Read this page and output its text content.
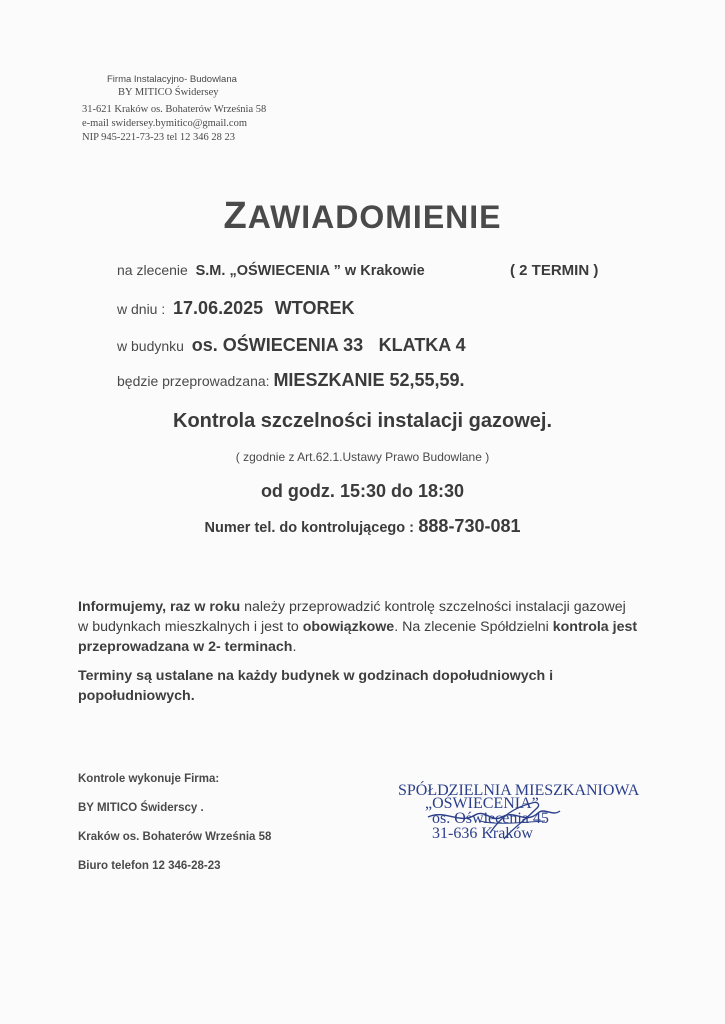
Firma Instalacyjno- Budowlana
BY MITICO Świdersey
31-621 Kraków os. Bohaterów Września 58
e-mail swidersey.bymitico@gmail.com
NIP 945-221-73-23 tel 12 346 28 23
ZAWIADOMIENIE
na zlecenie S.M. „OŚWIECENIA ” w Krakowie	( 2 TERMIN )
w dniu : 17.06.2025 WTOREK
w budynku os. OŚWIECENIA 33 KLATKA 4
będzie przeprowadzana: MIESZKANIE 52,55,59.
Kontrola szczelności instalacji gazowej.
( zgodnie z Art.62.1.Ustawy Prawo Budowlane )
od godz. 15:30 do 18:30
Numer tel. do kontrolującego : 888-730-081
Informujemy, raz w roku należy przeprowadzić kontrolę szczelności instalacji gazowej w budynkach mieszkalnych i jest to obowiązkowe. Na zlecenie Spółdzielni kontrola jest przeprowadzana w 2- terminach.
Terminy są ustalane na każdy budynek w godzinach dopołudniowych i popołudniowych.
Kontrole wykonuje Firma:
BY MITICO Świderscy .
Kraków os. Bohaterów Września 58
Biuro telefon 12 346-28-23
SPÓŁDZIELNIA MIESZKANIOWA
„OŚWIECENIA”
os. Oświecenia 45
31-636 Kraków
